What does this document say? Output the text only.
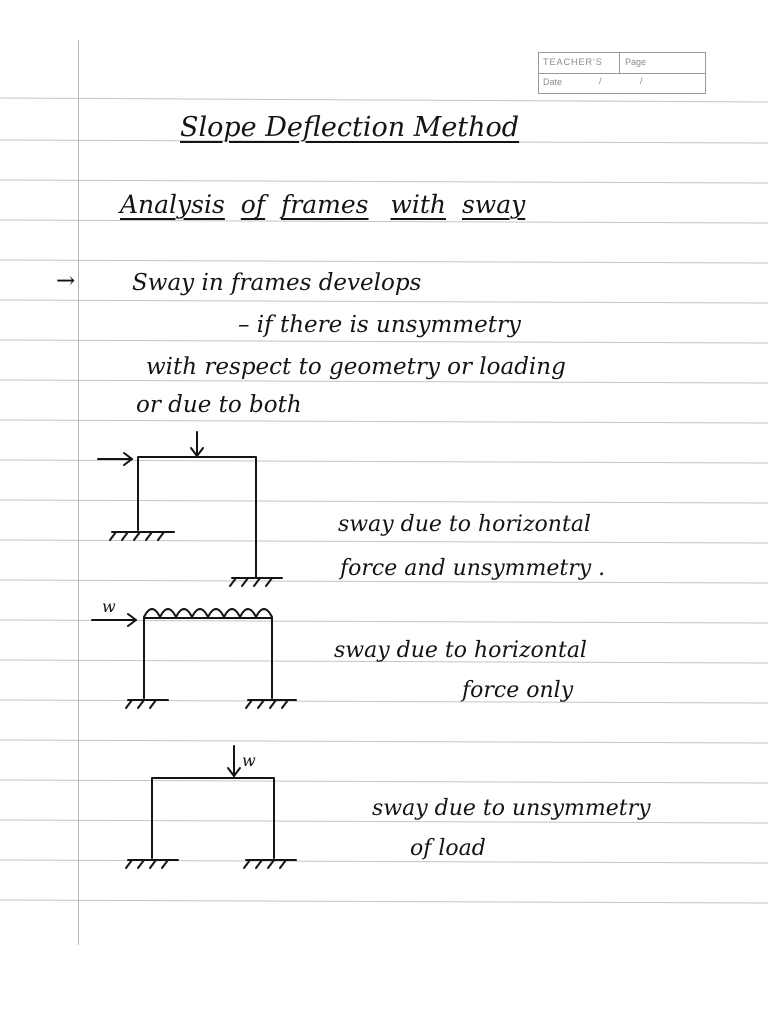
TEACHER'S Page
Date	/ /
Slope Deflection Method
Analysis of frames with sway
→ Sway in frames develops
– if there is unsymmetry
with respect to geometry or loading
or due to both
w
w
sway due to horizontal
force and unsymmetry .
sway due to horizontal
force only
sway due to unsymmetry
of load
